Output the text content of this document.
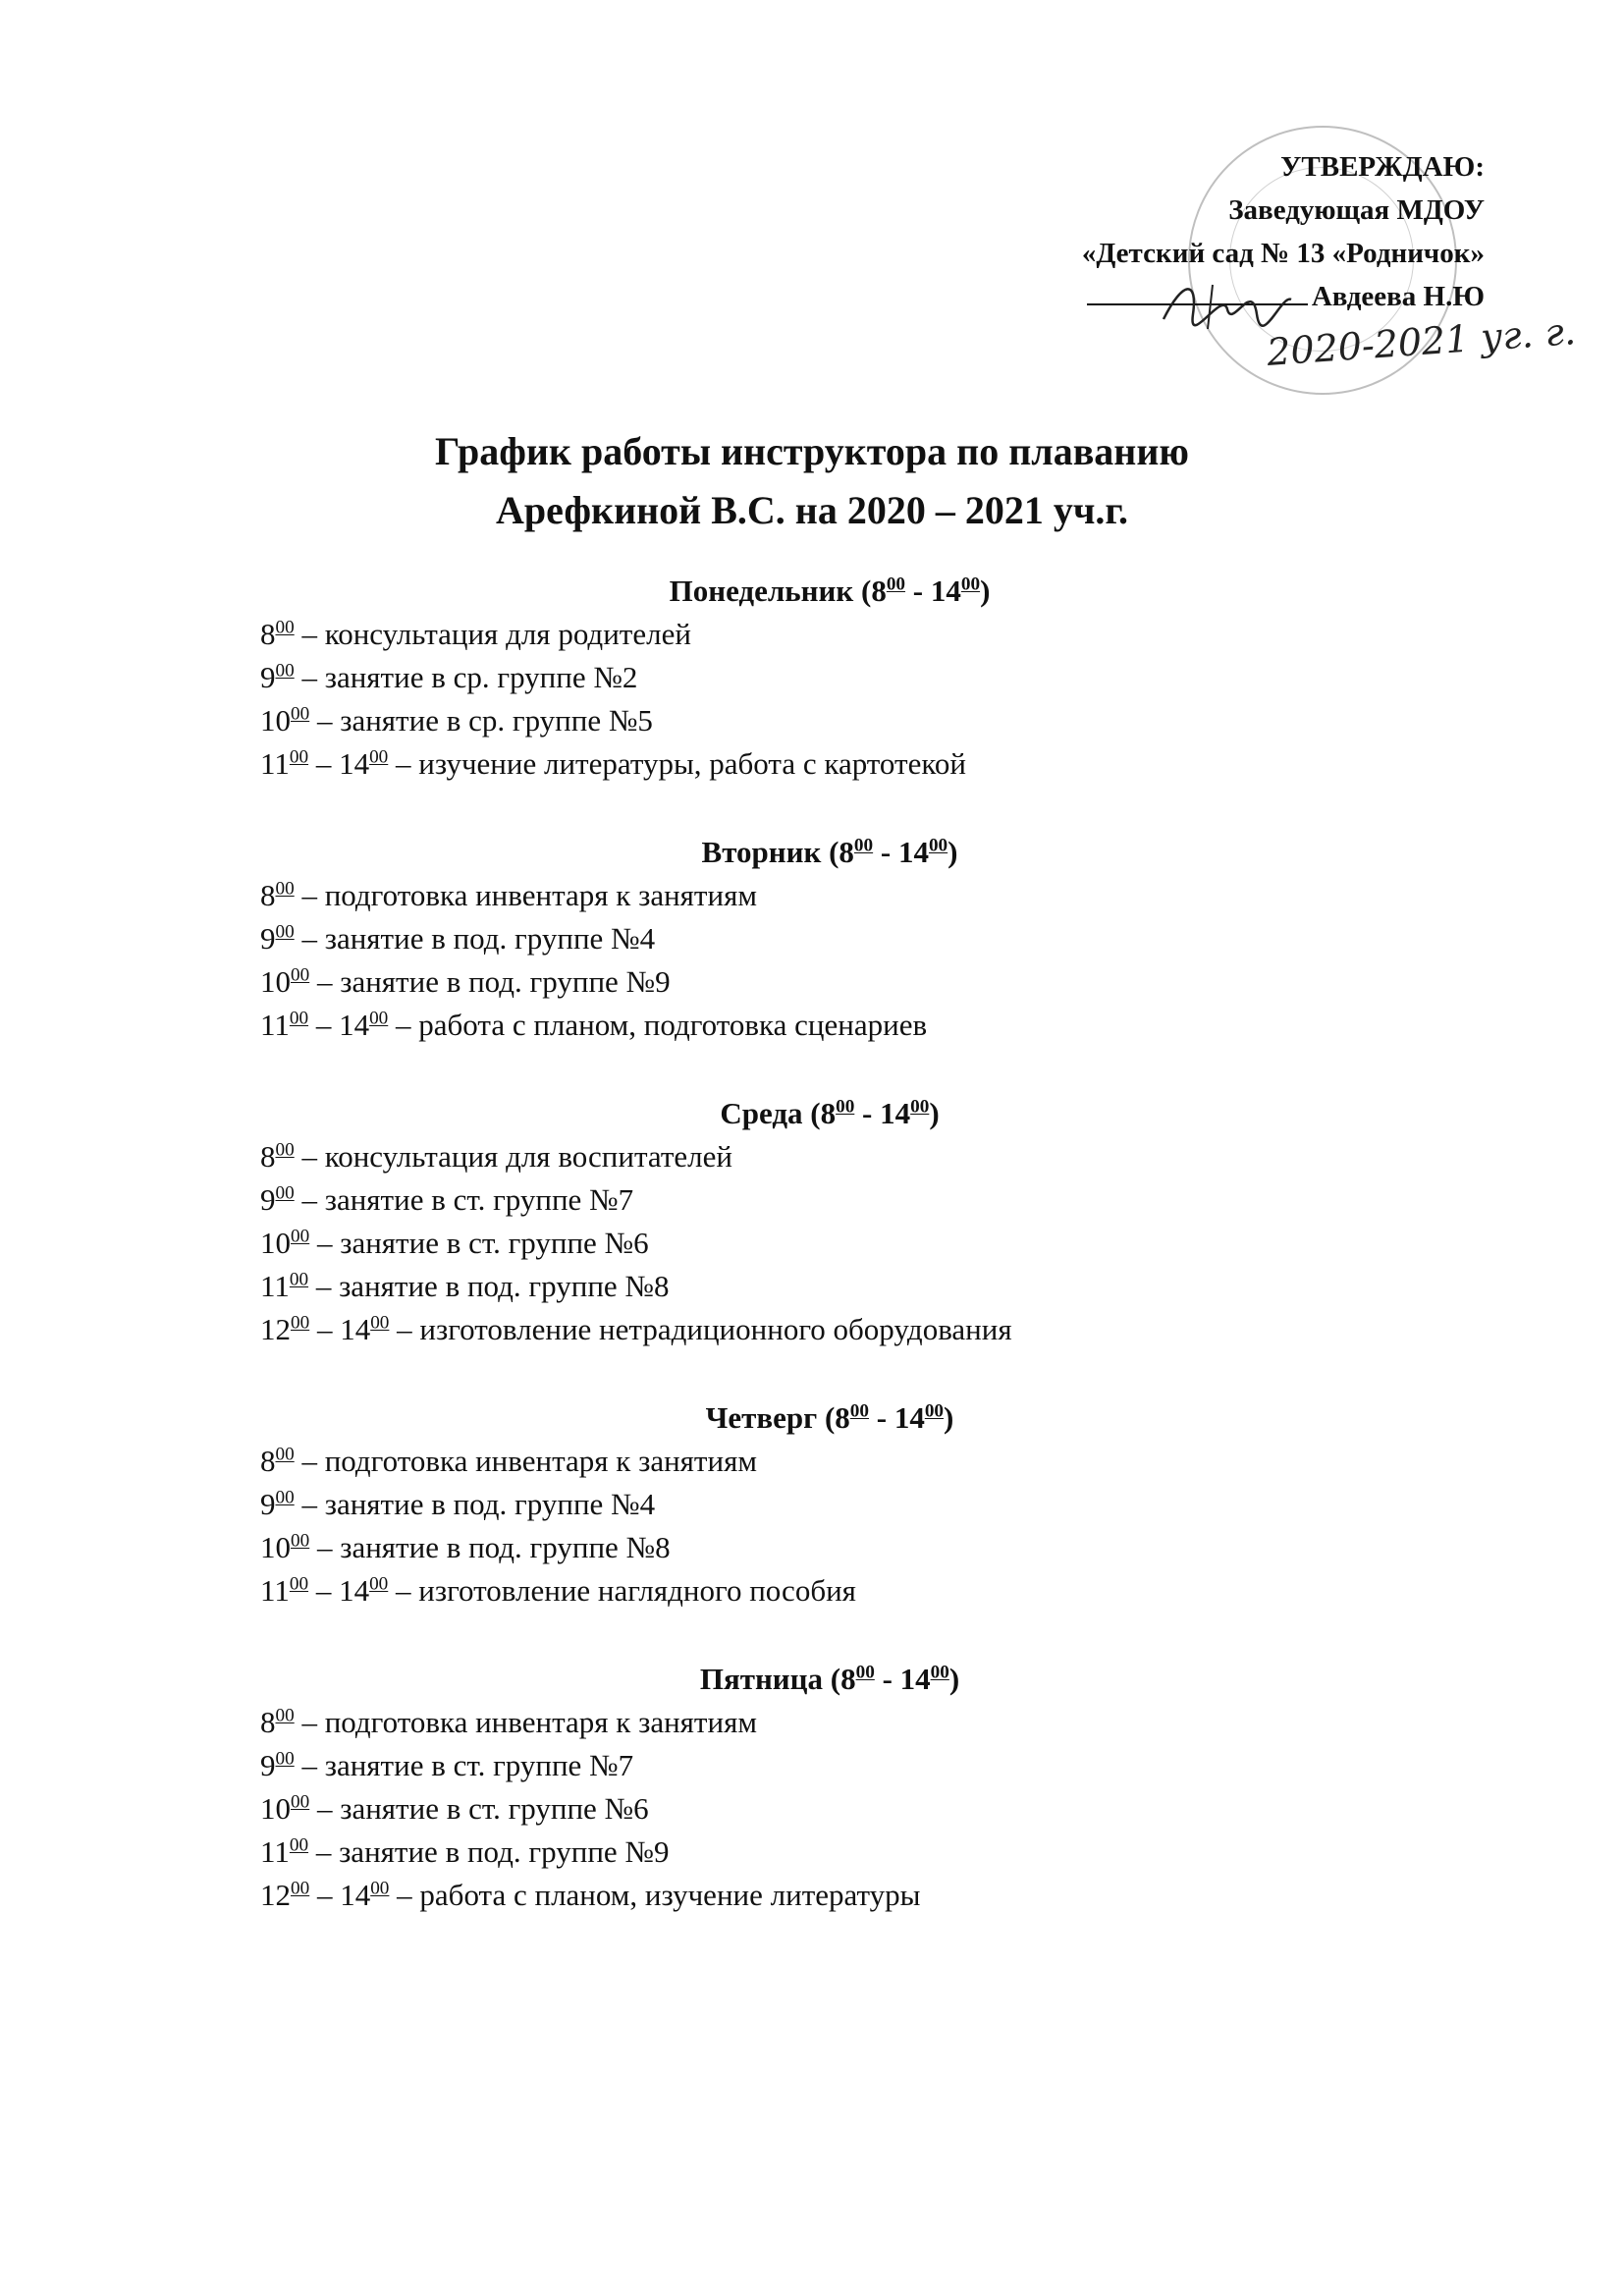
УТВЕРЖДАЮ:
Заведующая МДОУ
«Детский сад № 13 «Родничок»
Авдеева Н.Ю
2020-2021 уг. г.
График работы инструктора по плаванию
Арефкиной В.С. на 2020 – 2021 уч.г.
Понедельник $(8^{00} - 14^{00})$
$8^{00}$ – консультация для родителей
$9^{00}$ – занятие в ср. группе №2
$10^{00}$ – занятие в ср. группе №5
$11^{00} - 14^{00}$ – изучение литературы, работа с картотекой
Вторник $(8^{00} - 14^{00})$
$8^{00}$ – подготовка инвентаря к занятиям
$9^{00}$ – занятие в под. группе №4
$10^{00}$ – занятие в под. группе №9
$11^{00} - 14^{00}$ – работа с планом, подготовка сценариев
Среда $(8^{00} - 14^{00})$
$8^{00}$ – консультация для воспитателей
$9^{00}$ – занятие в ст. группе №7
$10^{00}$ – занятие в ст. группе №6
$11^{00}$ – занятие в под. группе №8
$12^{00} - 14^{00}$ – изготовление нетрадиционного оборудования
Четверг $(8^{00} - 14^{00})$
$8^{00}$ – подготовка инвентаря к занятиям
$9^{00}$ – занятие в под. группе №4
$10^{00}$ – занятие в под. группе №8
$11^{00} - 14^{00}$ – изготовление наглядного пособия
Пятница $(8^{00} - 14^{00})$
$8^{00}$ – подготовка инвентаря к занятиям
$9^{00}$ – занятие в ст. группе №7
$10^{00}$ – занятие в ст. группе №6
$11^{00}$ – занятие в под. группе №9
$12^{00} - 14^{00}$ – работа с планом, изучение литературы
